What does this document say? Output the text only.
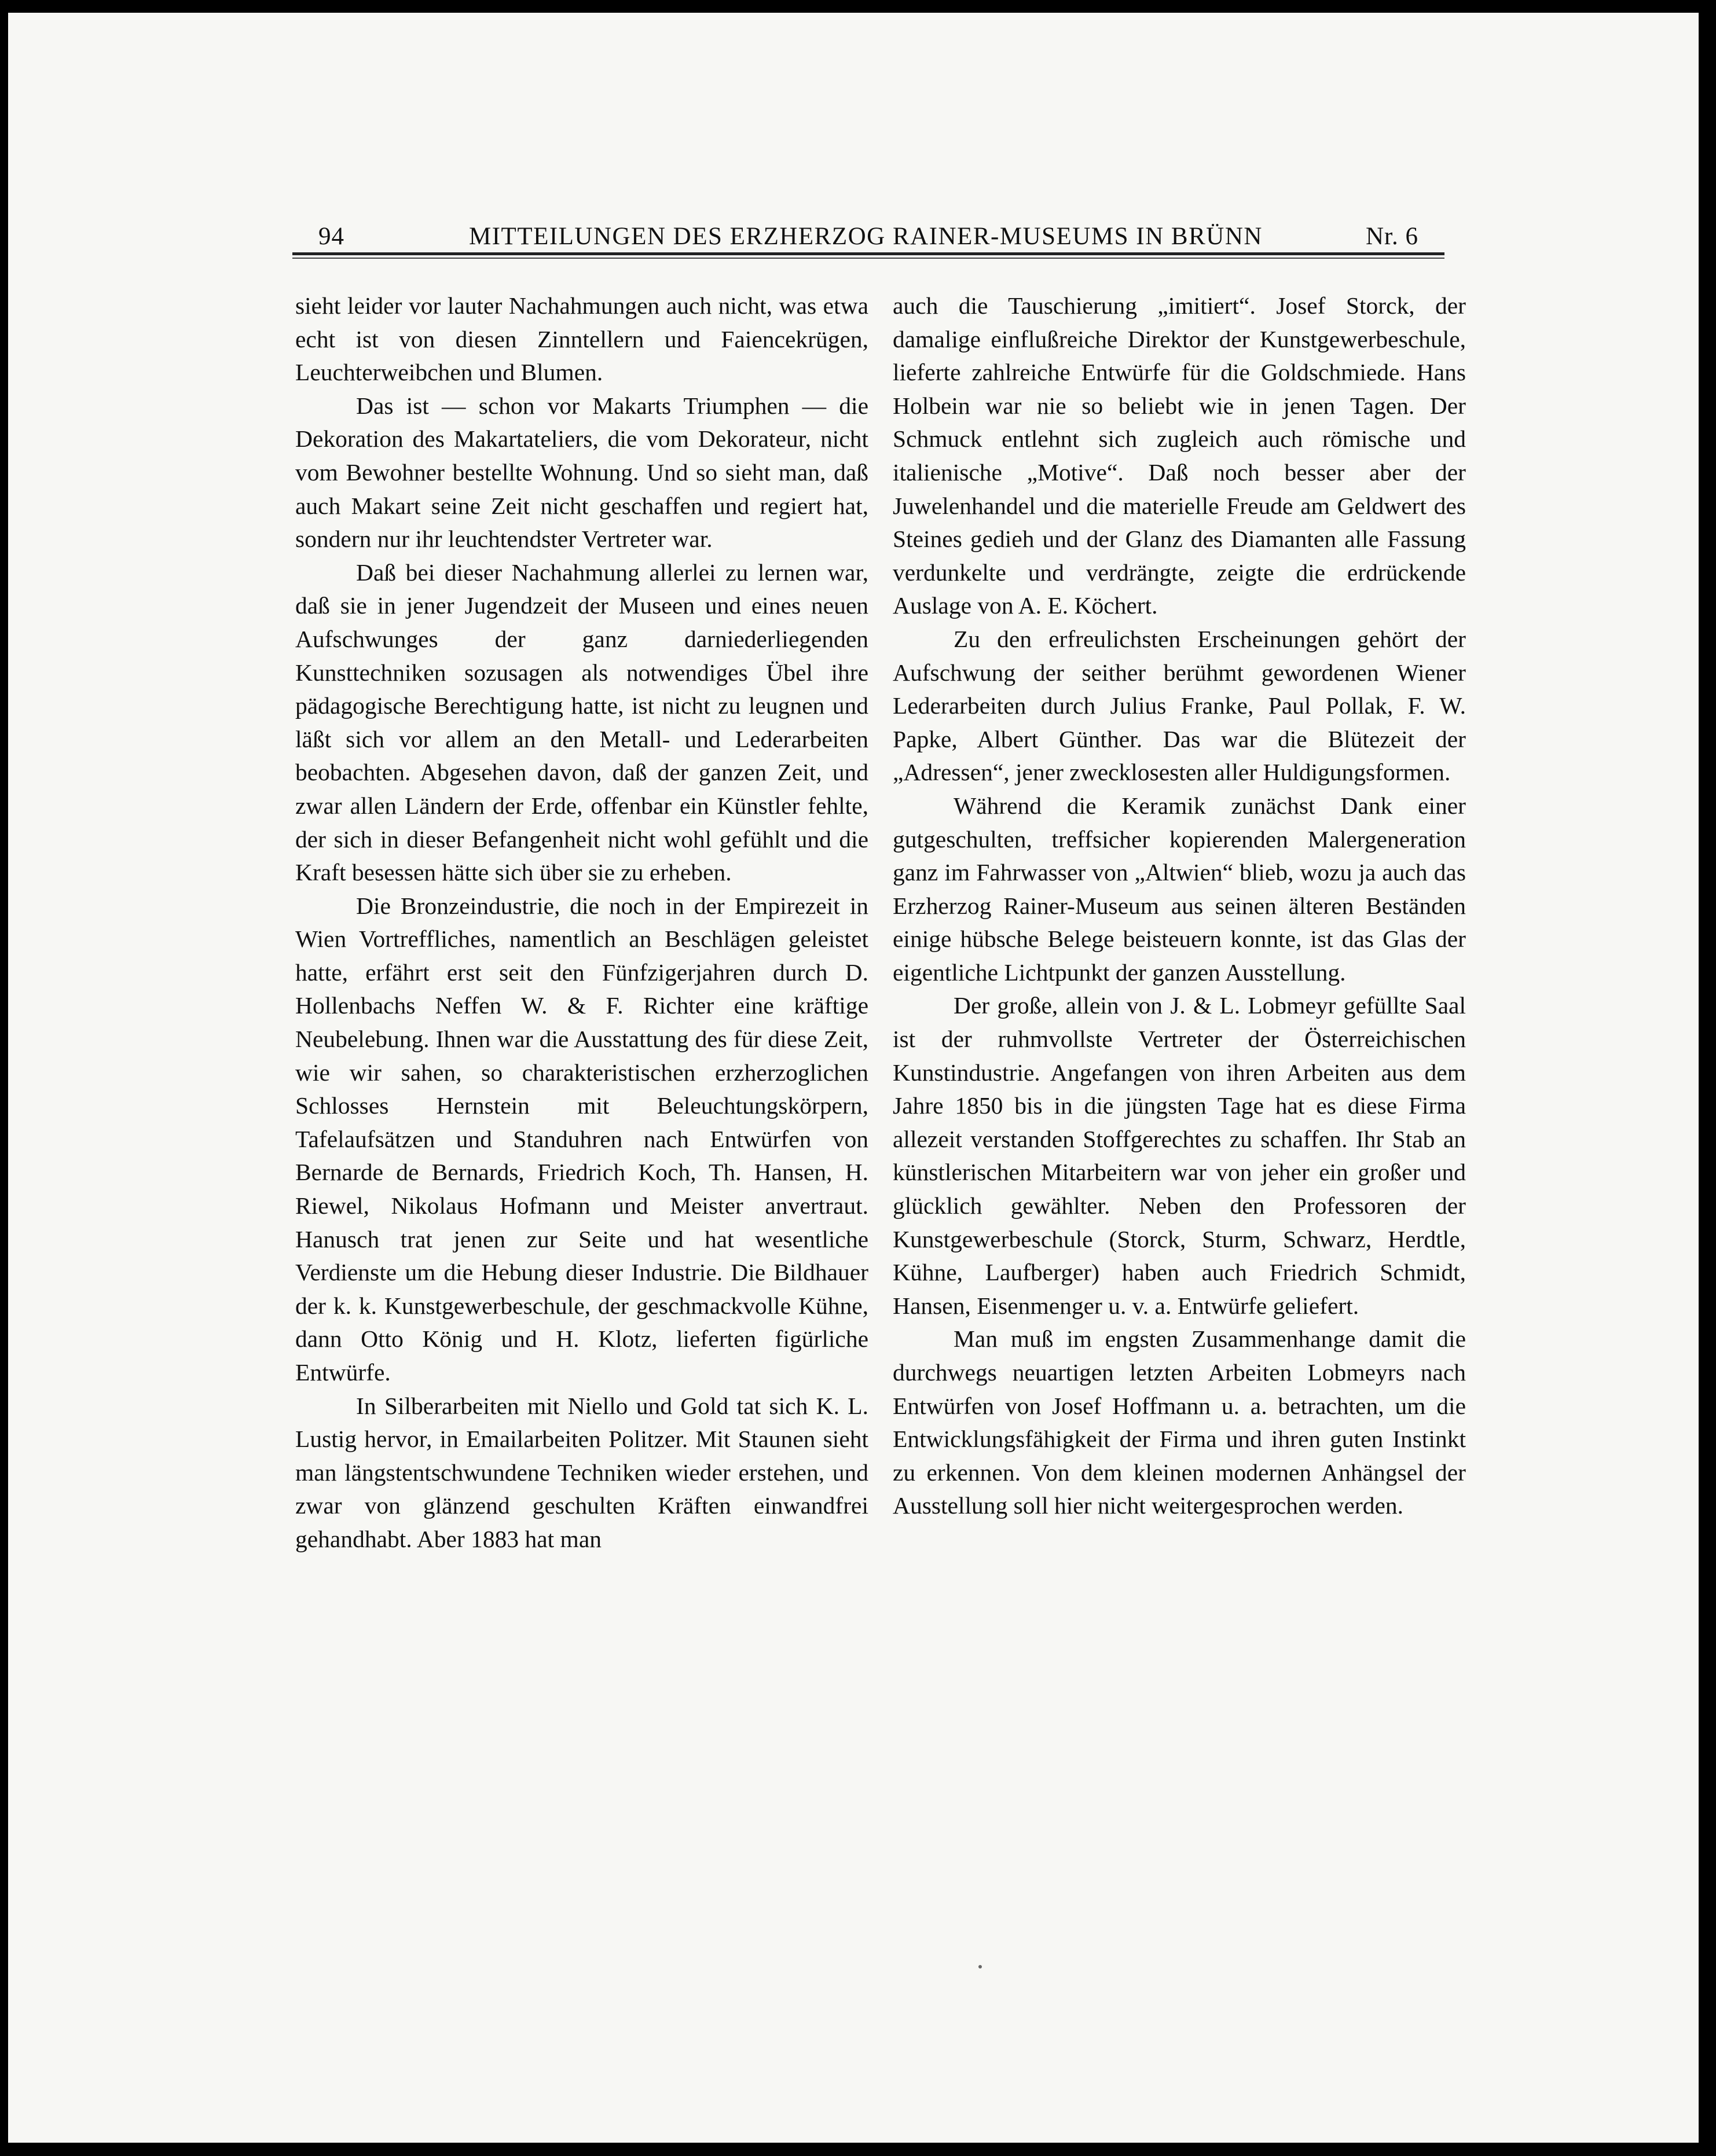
94	MITTEILUNGEN DES ERZHERZOG RAINER-MUSEUMS IN BRÜNN	Nr. 6

sieht leider vor lauter Nachahmungen auch nicht, was etwa echt ist von diesen Zinntellern und Faiencekrügen, Leuchterweibchen und Blumen.

Das ist — schon vor Makarts Triumphen — die Dekoration des Makartateliers, die vom Dekorateur, nicht vom Bewohner bestellte Wohnung. Und so sieht man, daß auch Makart seine Zeit nicht geschaffen und regiert hat, sondern nur ihr leuchtendster Vertreter war.

Daß bei dieser Nachahmung allerlei zu lernen war, daß sie in jener Jugendzeit der Museen und eines neuen Aufschwunges der ganz darniederliegenden Kunsttechniken sozusagen als notwendiges Übel ihre pädagogische Berechtigung hatte, ist nicht zu leugnen und läßt sich vor allem an den Metall- und Lederarbeiten beobachten. Abgesehen davon, daß der ganzen Zeit, und zwar allen Ländern der Erde, offenbar ein Künstler fehlte, der sich in dieser Befangenheit nicht wohl gefühlt und die Kraft besessen hätte sich über sie zu erheben.

Die Bronzeindustrie, die noch in der Empirezeit in Wien Vortreffliches, namentlich an Beschlägen geleistet hatte, erfährt erst seit den Fünfzigerjahren durch D. Hollenbachs Neffen W. & F. Richter eine kräftige Neubelebung. Ihnen war die Ausstattung des für diese Zeit, wie wir sahen, so charakteristischen erzherzoglichen Schlosses Hernstein mit Beleuchtungskörpern, Tafelaufsätzen und Standuhren nach Entwürfen von Bernarde de Bernards, Friedrich Koch, Th. Hansen, H. Riewel, Nikolaus Hofmann und Meister anvertraut. Hanusch trat jenen zur Seite und hat wesentliche Verdienste um die Hebung dieser Industrie. Die Bildhauer der k. k. Kunstgewerbeschule, der geschmackvolle Kühne, dann Otto König und H. Klotz, lieferten figürliche Entwürfe.

In Silberarbeiten mit Niello und Gold tat sich K. L. Lustig hervor, in Emailarbeiten Politzer. Mit Staunen sieht man längstentschwundene Techniken wieder erstehen, und zwar von glänzend geschulten Kräften einwandfrei gehandhabt. Aber 1883 hat man

auch die Tauschierung „imitiert“. Josef Storck, der damalige einflußreiche Direktor der Kunstgewerbeschule, lieferte zahlreiche Entwürfe für die Goldschmiede. Hans Holbein war nie so beliebt wie in jenen Tagen. Der Schmuck entlehnt sich zugleich auch römische und italienische „Motive“. Daß noch besser aber der Juwelenhandel und die materielle Freude am Geldwert des Steines gedieh und der Glanz des Diamanten alle Fassung verdunkelte und verdrängte, zeigte die erdrückende Auslage von A. E. Köchert.

Zu den erfreulichsten Erscheinungen gehört der Aufschwung der seither berühmt gewordenen Wiener Lederarbeiten durch Julius Franke, Paul Pollak, F. W. Papke, Albert Günther. Das war die Blütezeit der „Adressen“, jener zwecklosesten aller Huldigungsformen.

Während die Keramik zunächst Dank einer gutgeschulten, treffsicher kopierenden Malergeneration ganz im Fahrwasser von „Altwien“ blieb, wozu ja auch das Erzherzog Rainer-Museum aus seinen älteren Beständen einige hübsche Belege beisteuern konnte, ist das Glas der eigentliche Lichtpunkt der ganzen Ausstellung.

Der große, allein von J. & L. Lobmeyr gefüllte Saal ist der ruhmvollste Vertreter der Österreichischen Kunstindustrie. Angefangen von ihren Arbeiten aus dem Jahre 1850 bis in die jüngsten Tage hat es diese Firma allezeit verstanden Stoffgerechtes zu schaffen. Ihr Stab an künstlerischen Mitarbeitern war von jeher ein großer und glücklich gewählter. Neben den Professoren der Kunstgewerbeschule (Storck, Sturm, Schwarz, Herdtle, Kühne, Laufberger) haben auch Friedrich Schmidt, Hansen, Eisenmenger u. v. a. Entwürfe geliefert.

Man muß im engsten Zusammenhange damit die durchwegs neuartigen letzten Arbeiten Lobmeyrs nach Entwürfen von Josef Hoffmann u. a. betrachten, um die Entwicklungsfähigkeit der Firma und ihren guten Instinkt zu erkennen. Von dem kleinen modernen Anhängsel der Ausstellung soll hier nicht weitergesprochen werden.
